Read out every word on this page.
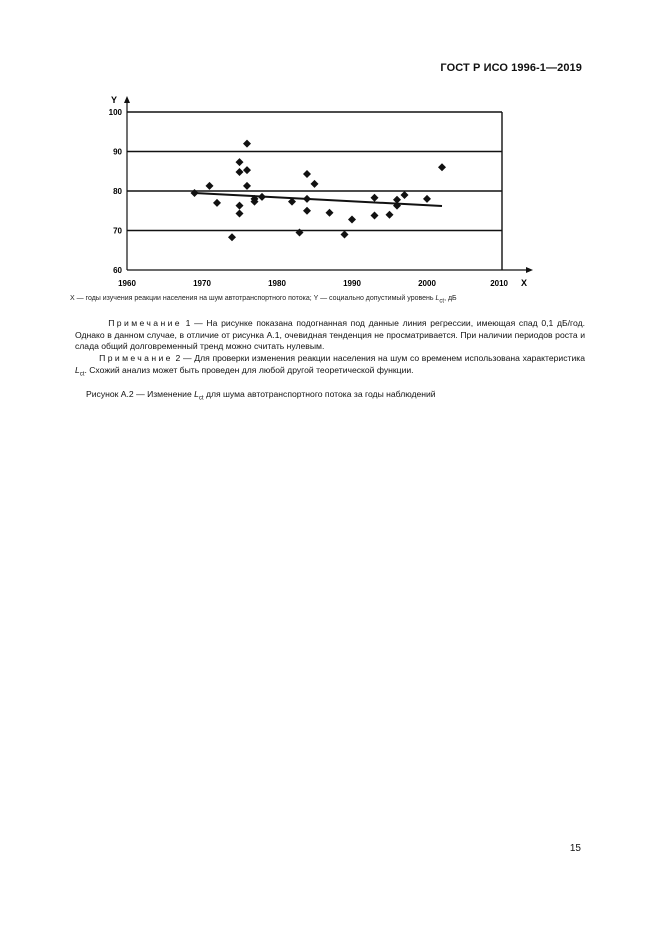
ГОСТ Р ИСО 1996-1—2019
Y
X
60
70
80
90
100
1960	1970	1980	1990	2000	2010
X — годы изучения реакции населения на шум автотранспортного потока; Y — социально допустимый уровень $L_{ct}$, дБ
Примечание 1 — На рисунке показана подогнанная под данные линия регрессии, имеющая спад 0,1 дБ/год. Однако в данном случае, в отличие от рисунка А.1, очевидная тенденция не просматривается. При наличии периодов роста и слада общий долговременный тренд можно считать нулевым.
Примечание 2 — Для проверки изменения реакции населения на шум со временем использована характеристика $L_{ct}$. Схожий анализ может быть проведен для любой другой теоретической функции.
Рисунок А.2 — Изменение $L_{ct}$ для шума автотранспортного потока за годы наблюдений
15
